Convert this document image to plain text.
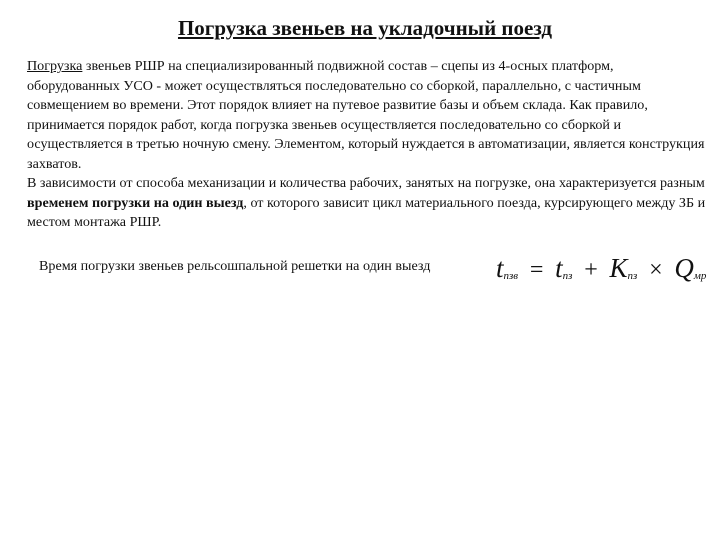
Погрузка звеньев на укладочный поезд

Погрузка звеньев РШР на специализированный подвижной состав – сцепы из 4-осных платформ, оборудованных УСО - может осуществляться последовательно со сборкой, параллельно, с частичным совмещением во времени. Этот порядок влияет на путевое развитие базы и объем склада. Как правило, принимается порядок работ, когда погрузка звеньев осуществляется последовательно со сборкой и осуществляется в третью ночную смену. Элементом, который нуждается в автоматизации, является конструкция захватов.

В зависимости от способа механизации и количества рабочих, занятых на погрузке, она характеризуется разным временем погрузки на один выезд, от которого зависит цикл материального поезда, курсирующего между ЗБ и местом монтажа РШР.

Время погрузки звеньев рельсошпальной решетки на один выезд $t_{пзв} = t_{пз} + K_{пз} \times Q_{мр}$
